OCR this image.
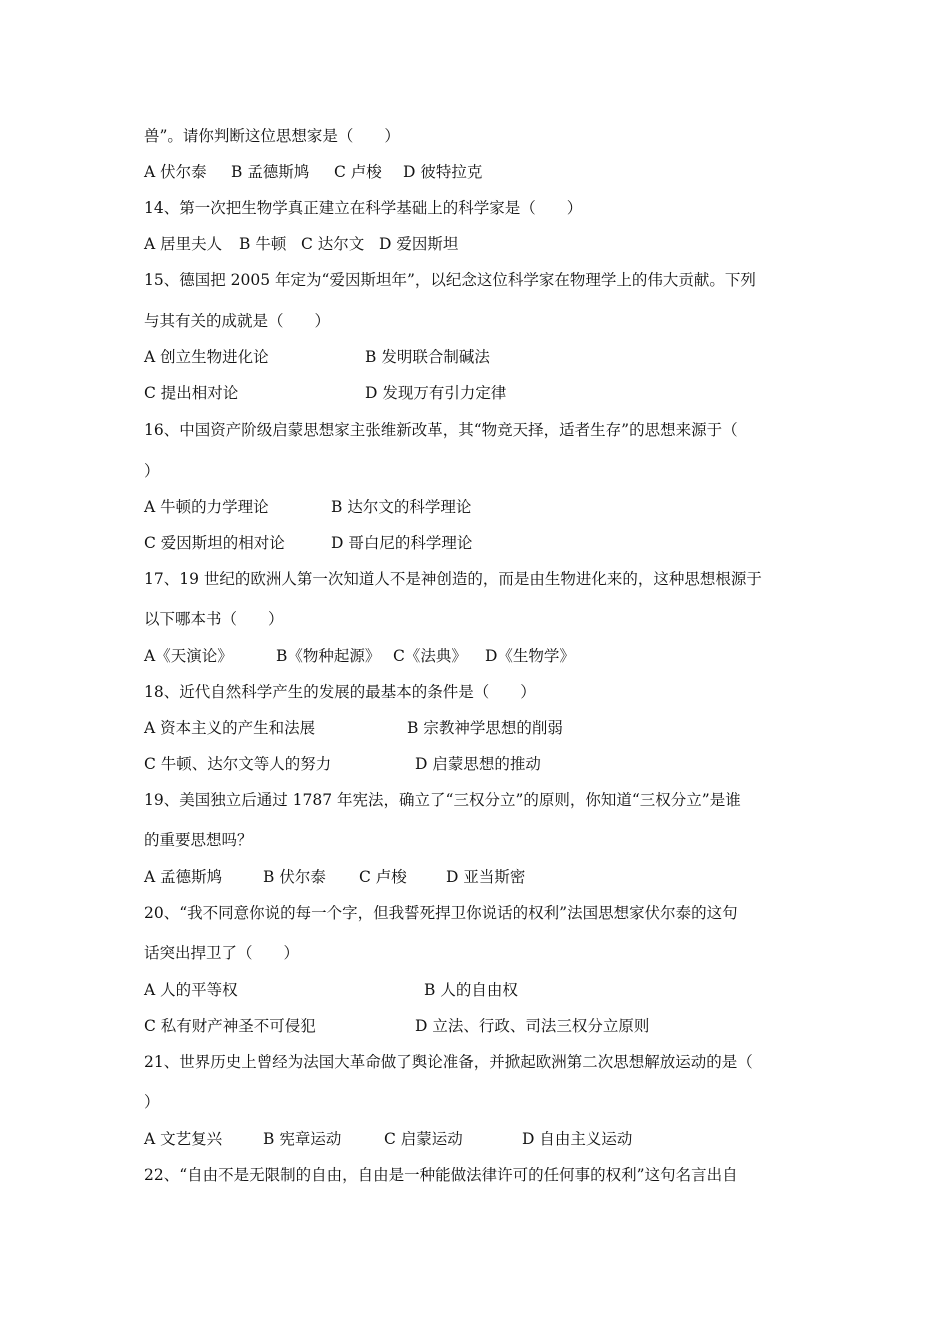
兽”。请你判断这位思想家是（　　）
A 伏尔泰 B 孟德斯鸠 C 卢梭 D 彼特拉克
14、第一次把生物学真正建立在科学基础上的科学家是（　　）
A 居里夫人 B 牛顿 C 达尔文 D 爱因斯坦
15、德国把 2005 年定为“爱因斯坦年”，以纪念这位科学家在物理学上的伟大贡献。下列
与其有关的成就是（　　）
A 创立生物进化论	B 发明联合制碱法
C 提出相对论	D 发现万有引力定律
16、中国资产阶级启蒙思想家主张维新改革，其“物竞天择，适者生存”的思想来源于（
）
A 牛顿的力学理论	B 达尔文的科学理论
C 爱因斯坦的相对论	D 哥白尼的科学理论
17、19 世纪的欧洲人第一次知道人不是神创造的，而是由生物进化来的，这种思想根源于
以下哪本书（　　）
A《天演论》	B《物种起源》 C《法典》 D《生物学》
18、近代自然科学产生的发展的最基本的条件是（　　）
A 资本主义的产生和法展	B 宗教神学思想的削弱
C 牛顿、达尔文等人的努力	D 启蒙思想的推动
19、美国独立后通过 1787 年宪法，确立了“三权分立”的原则，你知道“三权分立”是谁
的重要思想吗？
A 孟德斯鸠	B 伏尔泰 C 卢梭	D 亚当斯密
20、“我不同意你说的每一个字，但我誓死捍卫你说话的权利”法国思想家伏尔泰的这句
话突出捍卫了（　　）
A 人的平等权	B 人的自由权
C 私有财产神圣不可侵犯	D 立法、行政、司法三权分立原则
21、世界历史上曾经为法国大革命做了舆论准备，并掀起欧洲第二次思想解放运动的是（
）
A 文艺复兴	B 宪章运动	C 启蒙运动	D 自由主义运动
22、“自由不是无限制的自由，自由是一种能做法律许可的任何事的权利”这句名言出自
